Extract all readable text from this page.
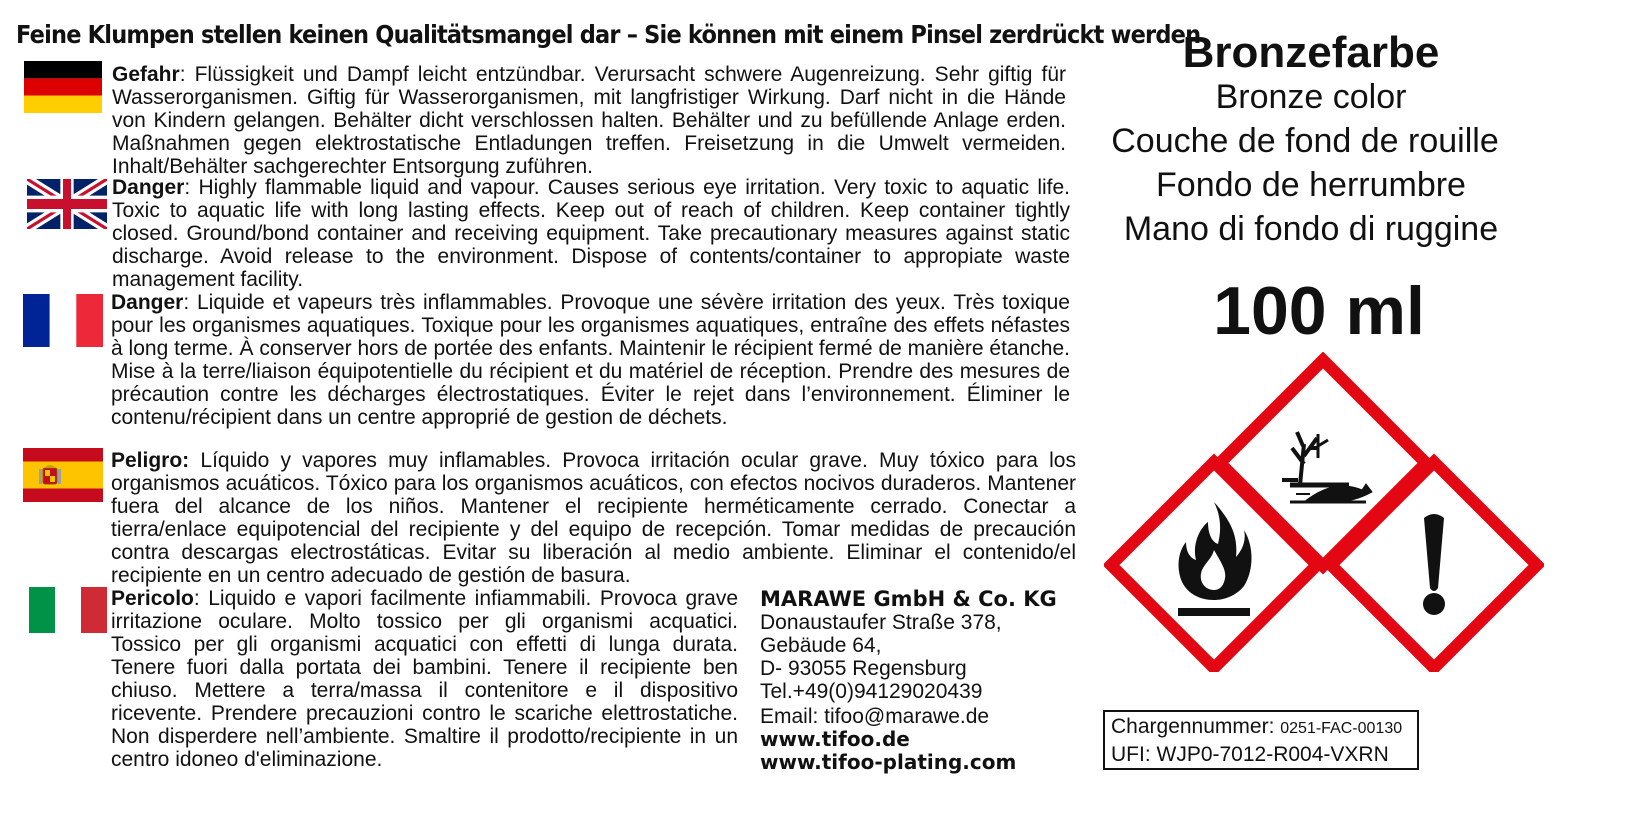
Feine Klumpen stellen keinen Qualitätsmangel dar – Sie können mit einem Pinsel zerdrückt werden
Gefahr: Flüssigkeit und Dampf leicht entzündbar. Verursacht schwere Augenreizung. Sehr giftig für Wasserorganismen. Giftig für Wasserorganismen, mit langfristiger Wirkung. Darf nicht in die Hände von Kindern gelangen. Behälter dicht verschlossen halten. Behälter und zu befüllende Anlage erden. Maßnahmen gegen elektrostatische Entladungen treffen. Freisetzung in die Umwelt vermeiden. Inhalt/Behälter sachgerechter Entsorgung zuführen.
Danger: Highly flammable liquid and vapour. Causes serious eye irritation. Very toxic to aquatic life. Toxic to aquatic life with long lasting effects. Keep out of reach of children. Keep container tightly closed. Ground/bond container and receiving equipment. Take precautionary measures against static discharge. Avoid release to the environment. Dispose of contents/container to appropiate waste management facility.
Danger: Liquide et vapeurs très inflammables. Provoque une sévère irritation des yeux. Très toxique pour les organismes aquatiques. Toxique pour les organismes aquatiques, entraîne des effets néfastes à long terme. À conserver hors de portée des enfants. Maintenir le récipient fermé de manière étanche. Mise à la terre/liaison équipotentielle du récipient et du matériel de réception. Prendre des mesures de précaution contre les décharges électrostatiques. Éviter le rejet dans l’environnement. Éliminer le contenu/récipient dans un centre approprié de gestion de déchets.
Peligro: Líquido y vapores muy inflamables. Provoca irritación ocular grave. Muy tóxico para los organismos acuáticos. Tóxico para los organismos acuáticos, con efectos nocivos duraderos. Mantener fuera del alcance de los niños. Mantener el recipiente herméticamente cerrado. Conectar a tierra/enlace equipotencial del recipiente y del equipo de recepción. Tomar medidas de precaución contra descargas electrostáticas. Evitar su liberación al medio ambiente. Eliminar el contenido/el recipiente en un centro adecuado de gestión de basura.
Pericolo: Liquido e vapori facilmente infiammabili. Provoca grave irritazione oculare. Molto tossico per gli organismi acquatici. Tossico per gli organismi acquatici con effetti di lunga durata. Tenere fuori dalla portata dei bambini. Tenere il recipiente ben chiuso. Mettere a terra/massa il contenitore e il dispositivo ricevente. Prendere precauzioni contro le scariche elettrostatiche. Non disperdere nell’ambiente. Smaltire il prodotto/recipiente in un centro idoneo d'eliminazione.
MARAWE GmbH & Co. KG
Donaustaufer Straße 378,
Gebäude 64,
D- 93055 Regensburg
Tel.+49(0)94129020439
Email: tifoo@marawe.de
www.tifoo.de
www.tifoo-plating.com
Bronzefarbe
Bronze color
Couche de fond de rouille
Fondo de herrumbre
Mano di fondo di ruggine
100 ml
Chargennummer: 0251-FAC-00130
UFI: WJP0-7012-R004-VXRN
